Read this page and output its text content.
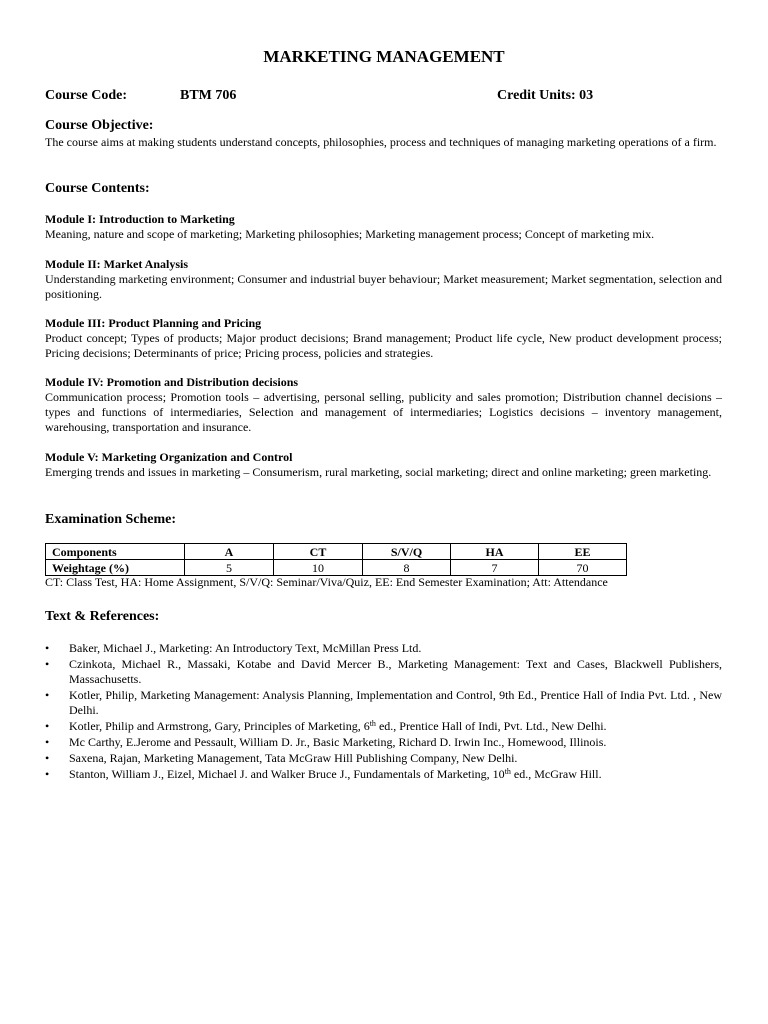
MARKETING MANAGEMENT
Course Code:	BTM 706	Credit Units: 03
Course Objective:
The course aims at making students understand concepts, philosophies, process and techniques of managing marketing operations of a firm.
Course Contents:
Module I: Introduction to Marketing
Meaning, nature and scope of marketing; Marketing philosophies; Marketing management process; Concept of marketing mix.
Module II: Market Analysis
Understanding marketing environment; Consumer and industrial buyer behaviour; Market measurement; Market segmentation, selection and positioning.
Module III: Product Planning and Pricing
Product concept; Types of products; Major product decisions; Brand management; Product life cycle, New product development process; Pricing decisions; Determinants of price; Pricing process, policies and strategies.
Module IV: Promotion and Distribution decisions
Communication process; Promotion tools – advertising, personal selling, publicity and sales promotion; Distribution channel decisions – types and functions of intermediaries, Selection and management of intermediaries; Logistics decisions – inventory management, warehousing, transportation and insurance.
Module V: Marketing Organization and Control
Emerging trends and issues in marketing – Consumerism, rural marketing, social marketing; direct and online marketing; green marketing.
Examination Scheme:
Components	A	CT	S/V/Q	HA	EE
Weightage (%)	5	10	8	7	70
CT: Class Test, HA: Home Assignment, S/V/Q: Seminar/Viva/Quiz, EE: End Semester Examination; Att: Attendance
Text & References:
•	Baker, Michael J., Marketing: An Introductory Text, McMillan Press Ltd.
•	Czinkota, Michael R., Massaki, Kotabe and David Mercer B., Marketing Management: Text and Cases, Blackwell Publishers, Massachusetts.
•	Kotler, Philip, Marketing Management: Analysis Planning, Implementation and Control, 9th Ed., Prentice Hall of India Pvt. Ltd. , New Delhi.
•	Kotler, Philip and Armstrong, Gary, Principles of Marketing, 6th ed., Prentice Hall of Indi, Pvt. Ltd., New Delhi.
•	Mc Carthy, E.Jerome and Pessault, William D. Jr., Basic Marketing, Richard D. Irwin Inc., Homewood, Illinois.
•	Saxena, Rajan, Marketing Management, Tata McGraw Hill Publishing Company, New Delhi.
•	Stanton, William J., Eizel, Michael J. and Walker Bruce J., Fundamentals of Marketing, 10th ed., McGraw Hill.
